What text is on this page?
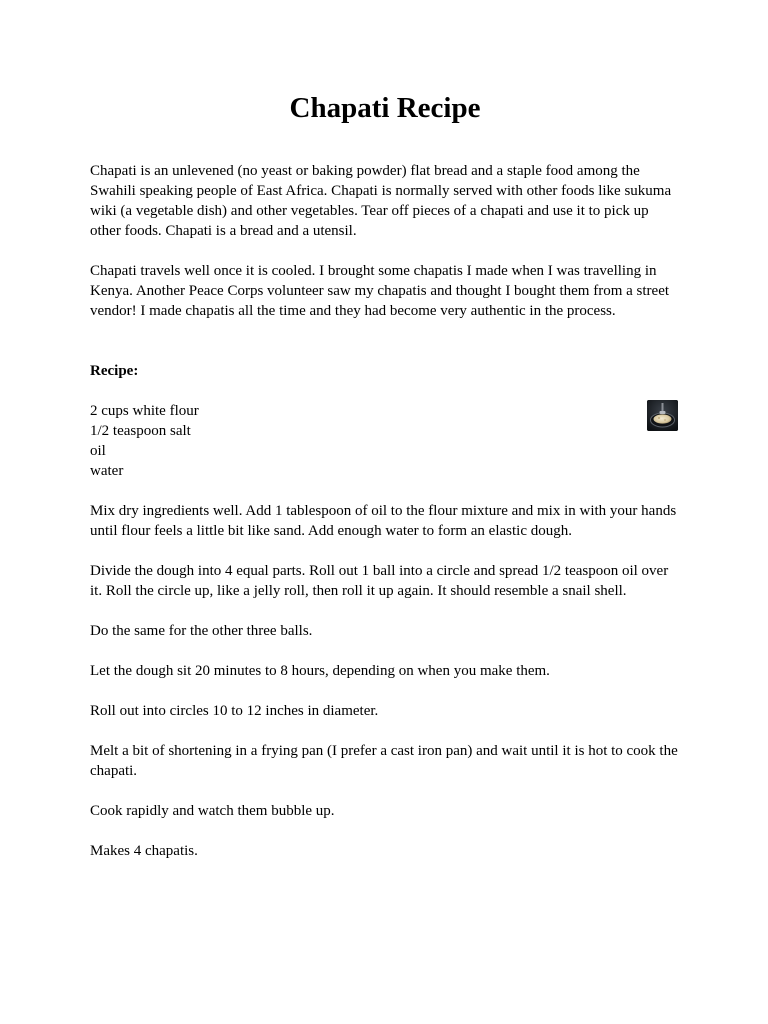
Chapati Recipe

Chapati is an unlevened (no yeast or baking powder) flat bread and a staple food among the Swahili speaking people of East Africa. Chapati is normally served with other foods like sukuma wiki (a vegetable dish) and other vegetables. Tear off pieces of a chapati and use it to pick up other foods. Chapati is a bread and a utensil.

Chapati travels well once it is cooled. I brought some chapatis I made when I was travelling in Kenya. Another Peace Corps volunteer saw my chapatis and thought I bought them from a street vendor! I made chapatis all the time and they had become very authentic in the process.

Recipe:

2 cups white flour

1/2 teaspoon salt

oil

water

Mix dry ingredients well. Add 1 tablespoon of oil to the flour mixture and mix in with your hands until flour feels a little bit like sand. Add enough water to form an elastic dough.

Divide the dough into 4 equal parts. Roll out 1 ball into a circle and spread 1/2 teaspoon oil over it. Roll the circle up, like a jelly roll, then roll it up again. It should resemble a snail shell.

Do the same for the other three balls.

Let the dough sit 20 minutes to 8 hours, depending on when you make them.

Roll out into circles 10 to 12 inches in diameter.

Melt a bit of shortening in a frying pan (I prefer a cast iron pan) and wait until it is hot to cook the chapati.

Cook rapidly and watch them bubble up.

Makes 4 chapatis.
